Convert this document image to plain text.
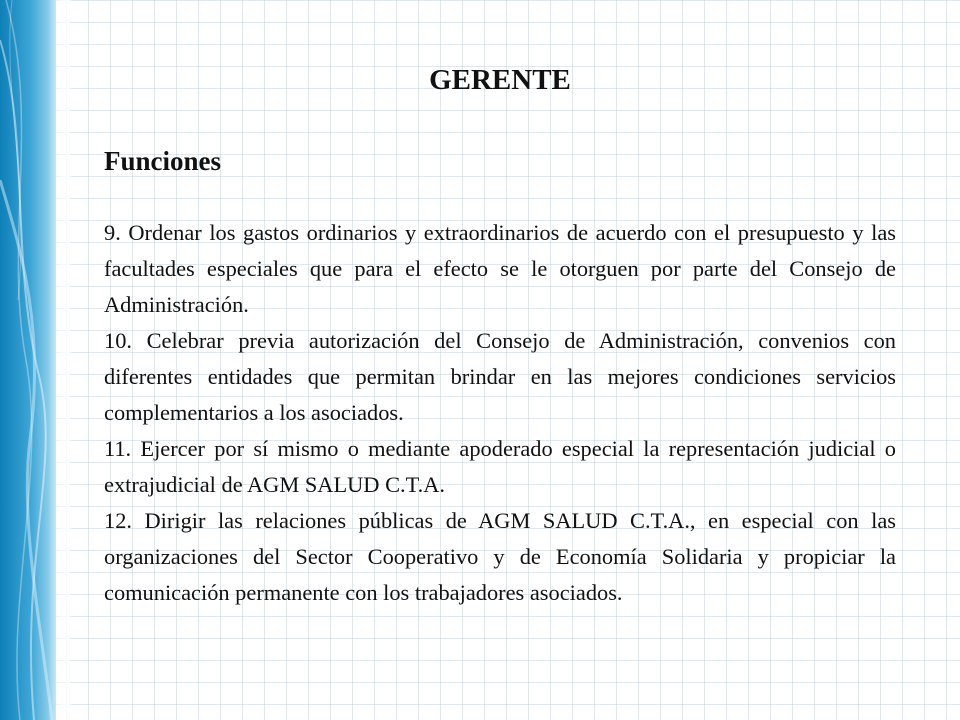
GERENTE
Funciones

9. Ordenar los gastos ordinarios y extraordinarios de acuerdo con el presupuesto y las facultades especiales que para el efecto se le otorguen por parte del Consejo de Administración.

10. Celebrar previa autorización del Consejo de Administración, convenios con diferentes entidades que permitan brindar en las mejores condiciones servicios complementarios a los asociados.

11. Ejercer por sí mismo o mediante apoderado especial la representación judicial o extrajudicial de AGM SALUD C.T.A.

12. Dirigir las relaciones públicas de AGM SALUD C.T.A., en especial con las organizaciones del Sector Cooperativo y de Economía Solidaria y propiciar la comunicación permanente con los trabajadores asociados.
